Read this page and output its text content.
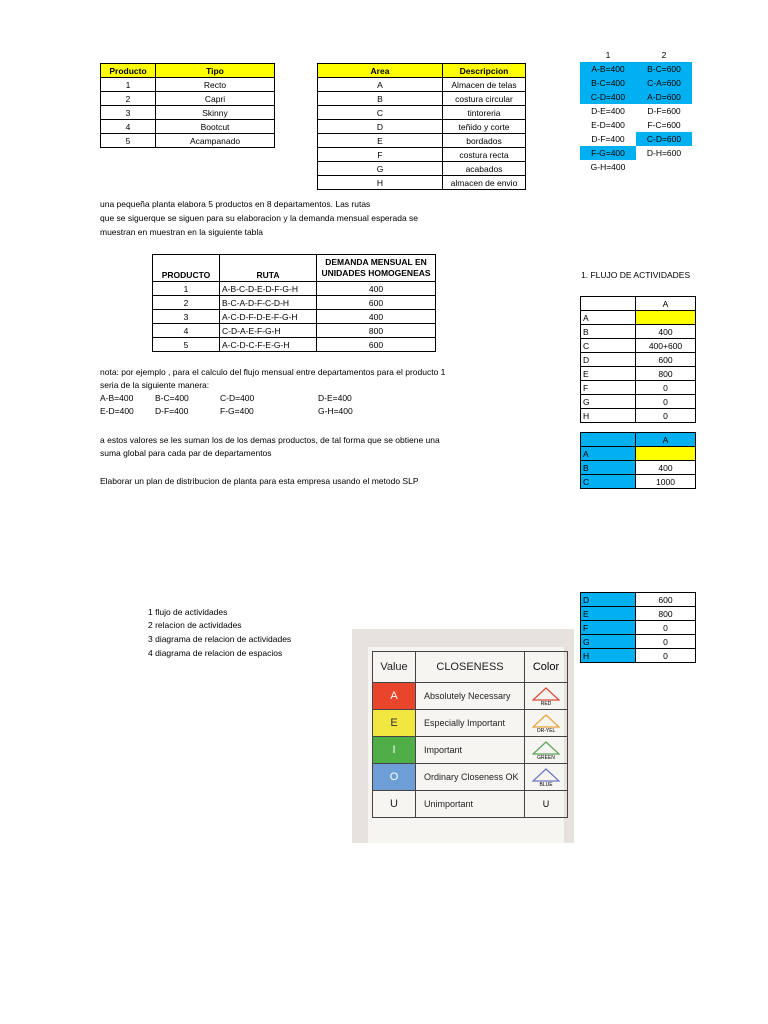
Producto	Tipo
1	Recto
2	Capri
3	Skinny
4	Bootcut
5	Acampanado
Area	Descripcion
A	Almacen de telas
B	costura circular
C	tintoreria
D	teñido y corte
E	bordados
F	costura recta
G	acabados
H	almacen de envio
1	2
A-B=400	B-C=600
B-C=400	C-A=600
C-D=400	A-D=600
D-E=400	D-F=600
E-D=400	F-C=600
D-F=400	C-D=600
F-G=400	D-H=600
G-H=400	
una pequeña planta elabora 5 productos en 8 departamentos. Las rutas
que se siguerque se siguen para su elaboracion y la demanda mensual esperada se
muestran en muestran en la siguiente tabla
PRODUCTO	RUTA	DEMANDA MENSUAL EN UNIDADES HOMOGENEAS
1	A-B-C-D-E-D-F-G-H	400
2	B-C-A-D-F-C-D-H	600
3	A-C-D-F-D-E-F-G-H	400
4	C-D-A-E-F-G-H	800
5	A-C-D-C-F-E-G-H	600
nota: por ejemplo , para el calculo del flujo mensual entre departamentos para el producto 1
seria de la siguiente manera:
A-B=400	B-C=400	C-D=400	D-E=400
E-D=400 D-F=400	F-G=400	G-H=400
a estos valores se les suman los de los demas productos, de tal forma que se obtiene una
suma global para cada par de departamentos
Elaborar un plan de distribucion de planta para esta empresa usando el metodo SLP
1 flujo de actividades
2 relacion de actividades
3 diagrama de relacion de actividades
4 diagrama de relacion de espacios
1. FLUJO DE ACTIVIDADES
	A
A	
B	400
C	400+600
D	600
E	800
F	0
G	0
H	0
	A
A	
B	400
C	1000
D	600
E	800
F	0
G	0
H	0
Value	CLOSENESS	Color
A	Absolutely Necessary	RED

E	Especially Important	OR-YEL

I	Important	GREEN

O	Ordinary Closeness OK	BLUE

U	Unimportant	U
